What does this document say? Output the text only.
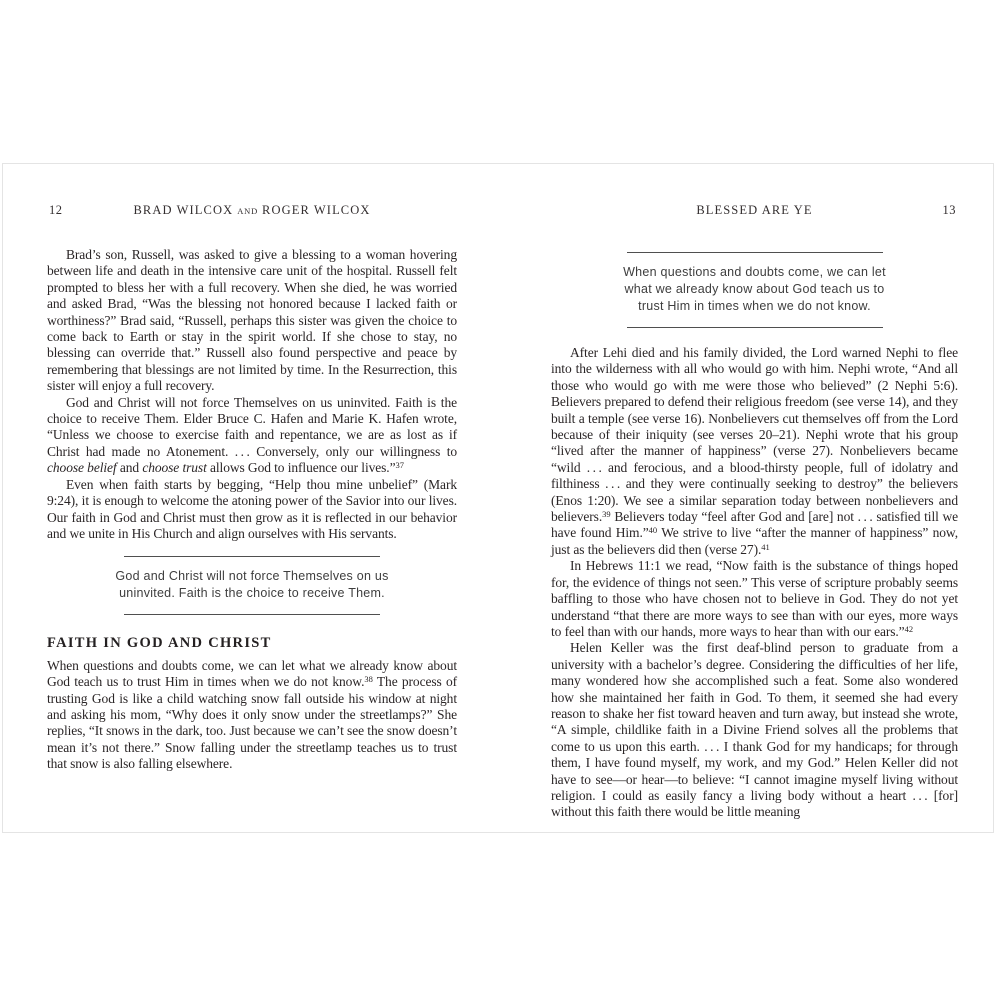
12	BRAD WILCOX AND ROGER WILCOX	BLESSED ARE YE	13

Brad’s son, Russell, was asked to give a blessing to a woman hovering between life and death in the intensive care unit of the hospital. Russell felt prompted to bless her with a full recovery. When she died, he was worried and asked Brad, “Was the blessing not honored because I lacked faith or worthiness?” Brad said, “Russell, perhaps this sister was given the choice to come back to Earth or stay in the spirit world. If she chose to stay, no blessing can override that.” Russell also found perspective and peace by remembering that blessings are not limited by time. In the Resurrection, this sister will enjoy a full recovery.

God and Christ will not force Themselves on us uninvited. Faith is the choice to receive Them. Elder Bruce C. Hafen and Marie K. Hafen wrote, “Unless we choose to exercise faith and repentance, we are as lost as if Christ had made no Atonement. . . . Conversely, only our willingness to choose belief and choose trust allows God to influence our lives.”$^{37}$

Even when faith starts by begging, “Help thou mine unbelief” (Mark 9:24), it is enough to welcome the atoning power of the Savior into our lives. Our faith in God and Christ must then grow as it is reflected in our behavior and we unite in His Church and align ourselves with His servants.

God and Christ will not force Themselves on us uninvited. Faith is the choice to receive Them.
FAITH IN GOD AND CHRIST

When questions and doubts come, we can let what we already know about God teach us to trust Him in times when we do not know.$^{38}$ The process of trusting God is like a child watching snow fall outside his window at night and asking his mom, “Why does it only snow under the streetlamps?” She replies, “It snows in the dark, too. Just because we can’t see the snow doesn’t mean it’s not there.” Snow falling under the streetlamp teaches us to trust that snow is also falling elsewhere.

When questions and doubts come, we can let what we already know about God teach us to trust Him in times when we do not know.

After Lehi died and his family divided, the Lord warned Nephi to flee into the wilderness with all who would go with him. Nephi wrote, “And all those who would go with me were those who believed” (2 Nephi 5:6). Believers prepared to defend their religious freedom (see verse 14), and they built a temple (see verse 16). Nonbelievers cut themselves off from the Lord because of their iniquity (see verses 20–21). Nephi wrote that his group “lived after the manner of happiness” (verse 27). Nonbelievers became “wild . . . and ferocious, and a blood-thirsty people, full of idolatry and filthiness . . . and they were continually seeking to destroy” the believers (Enos 1:20). We see a similar separation today between nonbelievers and believers.$^{39}$ Believers today “feel after God and [are] not . . . satisfied till we have found Him.”$^{40}$ We strive to live “after the manner of happiness” now, just as the believers did then (verse 27).$^{41}$

In Hebrews 11:1 we read, “Now faith is the substance of things hoped for, the evidence of things not seen.” This verse of scripture probably seems baffling to those who have chosen not to believe in God. They do not yet understand “that there are more ways to see than with our eyes, more ways to feel than with our hands, more ways to hear than with our ears.”$^{42}$

Helen Keller was the first deaf-blind person to graduate from a university with a bachelor’s degree. Considering the difficulties of her life, many wondered how she accomplished such a feat. Some also wondered how she maintained her faith in God. To them, it seemed she had every reason to shake her fist toward heaven and turn away, but instead she wrote, “A simple, childlike faith in a Divine Friend solves all the problems that come to us upon this earth. . . . I thank God for my handicaps; for through them, I have found myself, my work, and my God.” Helen Keller did not have to see—or hear—to believe: “I cannot imagine myself living without religion. I could as easily fancy a living body without a heart . . . [for] without this faith there would be little meaning
